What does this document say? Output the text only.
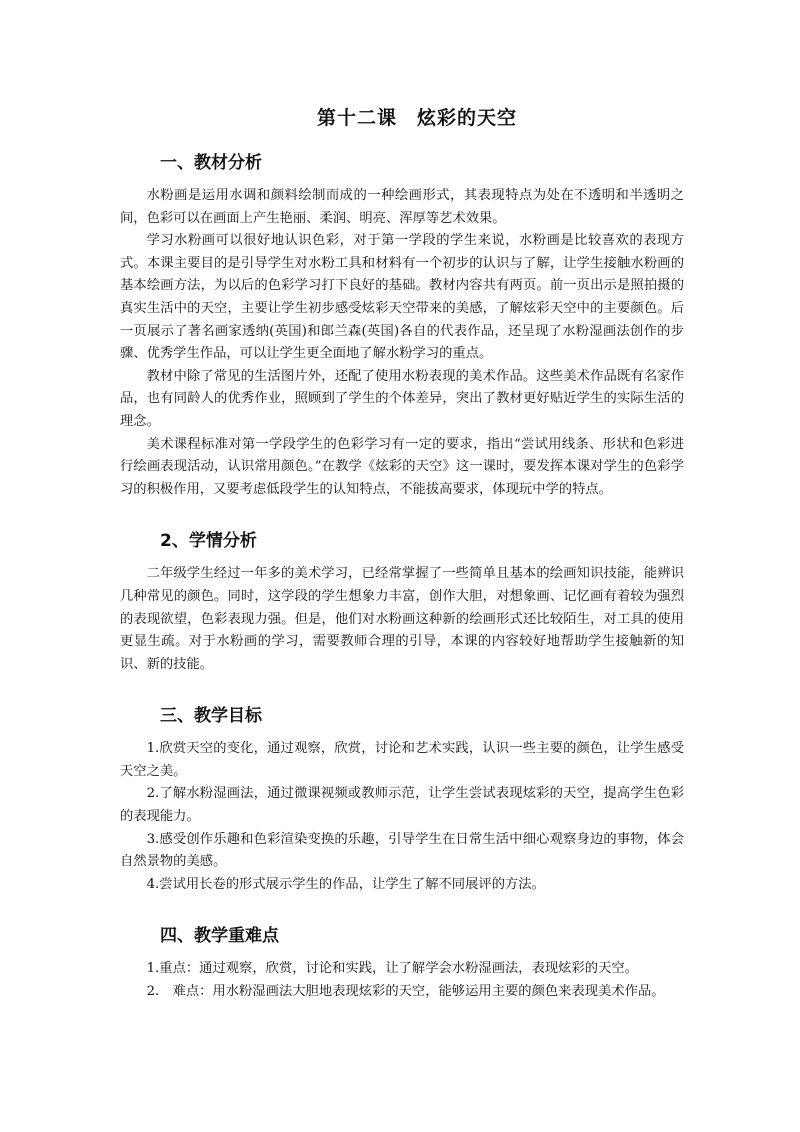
第十二课　炫彩的天空
一、教材分析

水粉画是运用水调和颜料绘制而成的一种绘画形式，其表现特点为处在不透明和半透明之间，色彩可以在画面上产生艳丽、柔润、明亮、浑厚等艺术效果。

学习水粉画可以很好地认识色彩，对于第一学段的学生来说，水粉画是比较喜欢的表现方式。本课主要目的是引导学生对水粉工具和材料有一个初步的认识与了解，让学生接触水粉画的基本绘画方法，为以后的色彩学习打下良好的基础。教材内容共有两页。前一页出示是照拍摄的真实生活中的天空，主要让学生初步感受炫彩天空带来的美感，了解炫彩天空中的主要颜色。后一页展示了著名画家透纳(英国)和郎兰森(英国)各自的代表作品，还呈现了水粉湿画法创作的步骤、优秀学生作品，可以让学生更全面地了解水粉学习的重点。

教材中除了常见的生活图片外，还配了使用水粉表现的美术作品。这些美术作品既有名家作品，也有同龄人的优秀作业，照顾到了学生的个体差异，突出了教材更好贴近学生的实际生活的理念。

美术课程标准对第一学段学生的色彩学习有一定的要求，指出“尝试用线条、形状和色彩进行绘画表现活动，认识常用颜色。”在教学《炫彩的天空》这一课时，要发挥本课对学生的色彩学习的积极作用，又要考虑低段学生的认知特点，不能拔高要求，体现玩中学的特点。

2、学情分析

二年级学生经过一年多的美术学习，已经常掌握了一些简单且基本的绘画知识技能，能辨识几种常见的颜色。同时，这学段的学生想象力丰富，创作大胆，对想象画、记忆画有着较为强烈的表现欲望，色彩表现力强。但是，他们对水粉画这种新的绘画形式还比较陌生，对工具的使用更显生疏。对于水粉画的学习，需要教师合理的引导，本课的内容较好地帮助学生接触新的知识、新的技能。

三、教学目标

1.欣赏天空的变化，通过观察，欣赏，讨论和艺术实践，认识一些主要的颜色，让学生感受天空之美。

2.了解水粉湿画法，通过微课视频或教师示范，让学生尝试表现炫彩的天空，提高学生色彩的表现能力。

3.感受创作乐趣和色彩渲染变换的乐趣，引导学生在日常生活中细心观察身边的事物，体会自然景物的美感。

4.尝试用长卷的形式展示学生的作品，让学生了解不同展评的方法。

四、教学重难点

1.重点：通过观察，欣赏，讨论和实践，让了解学会水粉湿画法，表现炫彩的天空。

2.　难点：用水粉湿画法大胆地表现炫彩的天空，能够运用主要的颜色来表现美术作品。
